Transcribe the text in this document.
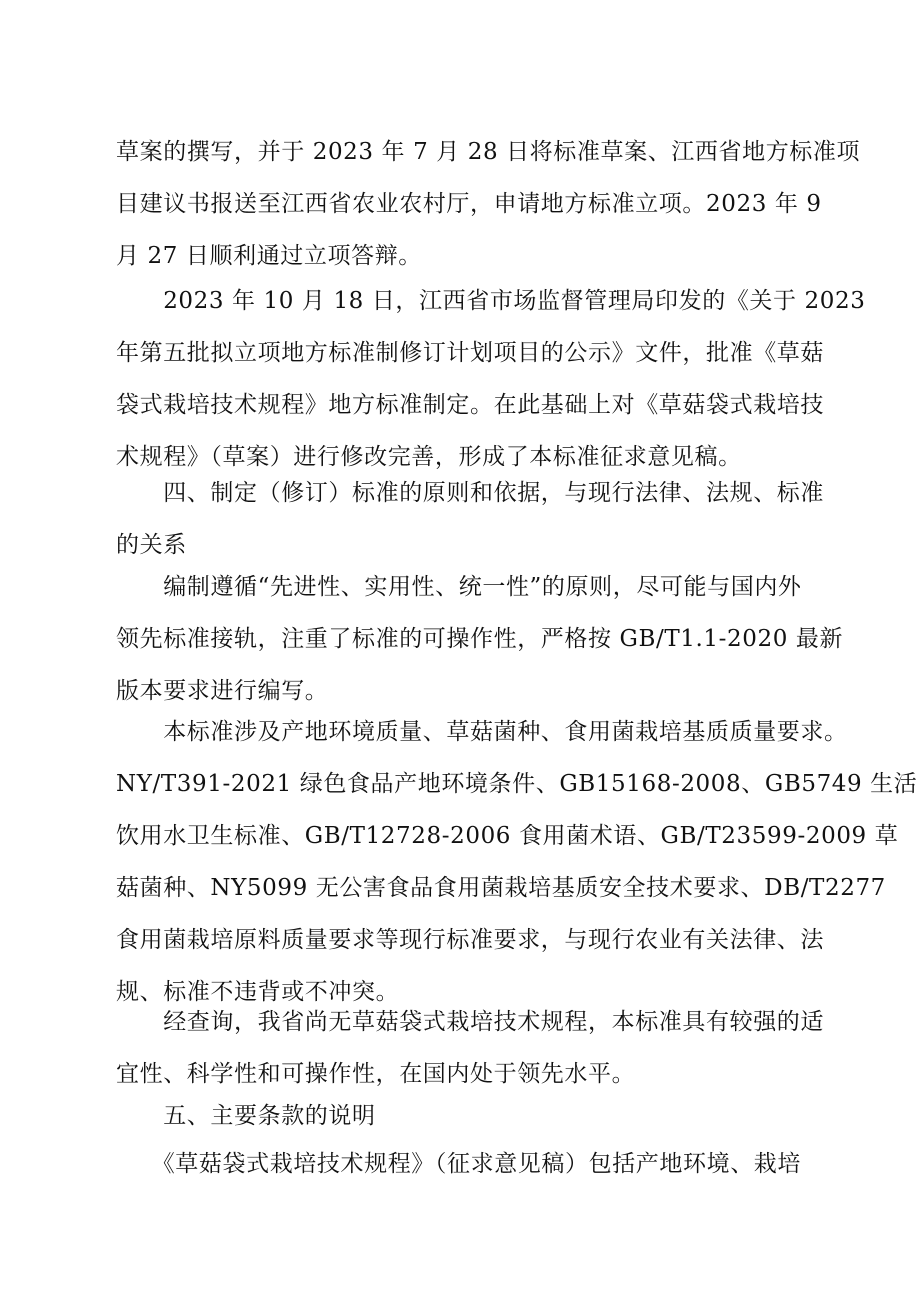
草案的撰写，并于 2023 年 7 月 28 日将标准草案、江西省地方标准项
目建议书报送至江西省农业农村厅，申请地方标准立项。2023 年 9
月 27 日顺利通过立项答辩。
　　2023 年 10 月 18 日，江西省市场监督管理局印发的《关于 2023
年第五批拟立项地方标准制修订计划项目的公示》文件，批准《草菇
袋式栽培技术规程》地方标准制定。在此基础上对《草菇袋式栽培技
术规程》（草案）进行修改完善，形成了本标准征求意见稿。
　　四、制定（修订）标准的原则和依据，与现行法律、法规、标准
的关系
　　编制遵循“先进性、实用性、统一性”的原则，尽可能与国内外
领先标准接轨，注重了标准的可操作性，严格按 GB/T1.1-2020 最新
版本要求进行编写。
　　本标准涉及产地环境质量、草菇菌种、食用菌栽培基质质量要求。
NY/T391-2021 绿色食品产地环境条件、GB15168-2008、GB5749 生活
饮用水卫生标准、GB/T12728-2006 食用菌术语、GB/T23599-2009 草
菇菌种、NY5099 无公害食品食用菌栽培基质安全技术要求、DB/T2277
食用菌栽培原料质量要求等现行标准要求，与现行农业有关法律、法
规、标准不违背或不冲突。
　　经查询，我省尚无草菇袋式栽培技术规程，本标准具有较强的适
宜性、科学性和可操作性，在国内处于领先水平。
　　五、主要条款的说明
　　《草菇袋式栽培技术规程》（征求意见稿）包括产地环境、栽培
